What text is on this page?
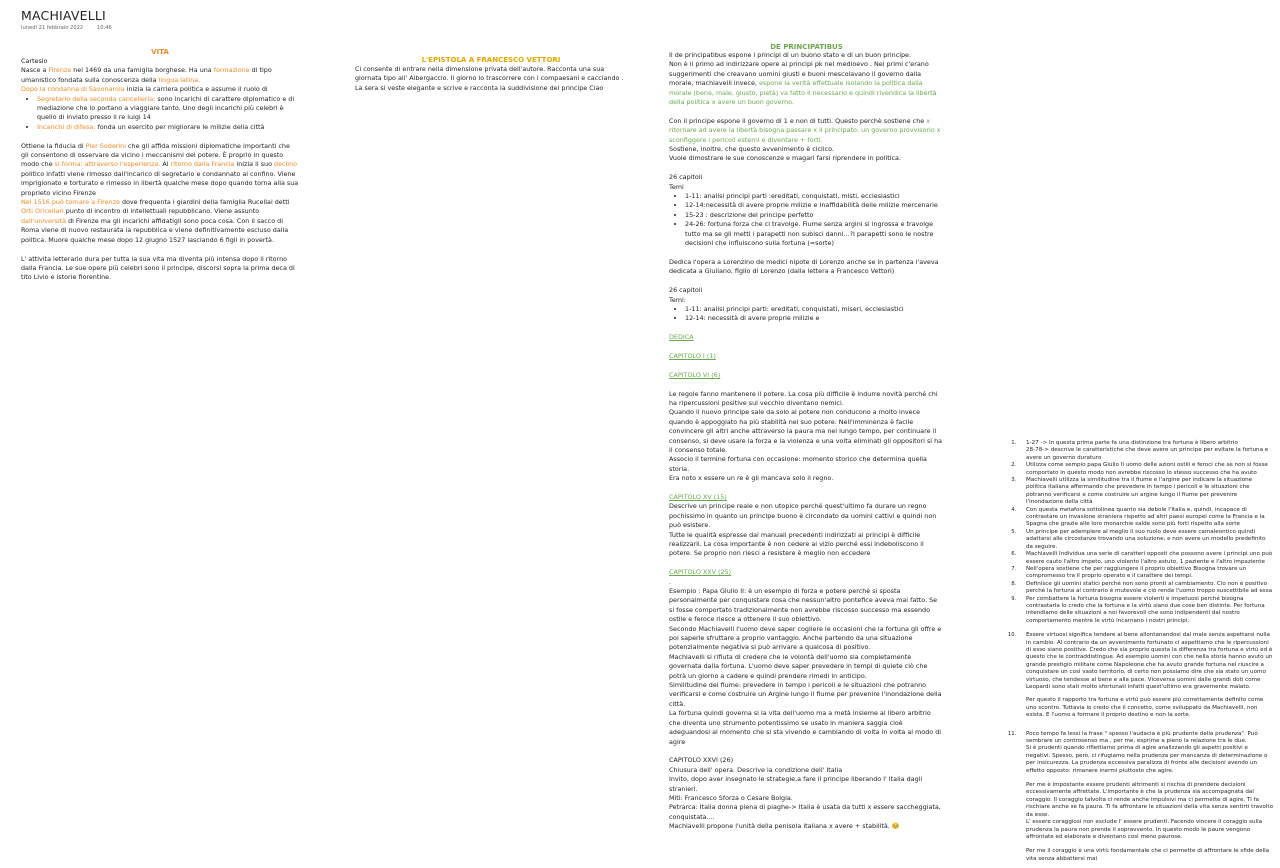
MACHIAVELLI
lunedì 21 febbraio 2022	10:46
VITA

Cartesio

Nasce a Firenze nel 1469 da una famiglia borghese. Ha una formazione di tipo

umanistico fondata sulla conoscenza della lingua latina.

Dopo la condanna di Savonarola inizia la carriera politica e assume il ruolo di

• Segretario della seconda cancelleria: sono incarichi di carattere diplomatico e di mediazione che lo portano a viaggiare tanto. Uno degli incarichi più celebri è quello di inviato presso il re luigi 14
• Incarichi di difesa: fonda un esercito per migliorare le milizie della città

Ottiene la fiducia di Pier Soderini che gli affida missioni diplomatiche importanti che gli consentono di osservare da vicino i meccanismi del potere. È proprio in questo modo che si forma: attraverso l'esperienza. Al ritorno dalla Francia inizia il suo declino politico infatti viene rimosso dall'incarico di segretario e condannato al confino. Viene imprigionato e torturato e rimesso in libertà qualche mese dopo quando torna alla sua proprieto vicino Firenze

Nel 1516 può tornare a Firenze dove frequenta i giardini della famiglia Rucellai detti Orti Oricellari punto di incontro di intellettuali repubblicano. Viene assunto dall'università di Firenze ma gli incarichi affidatigli sono poca cosa. Con il sacco di Roma viene di nuovo restaurata la repubblica e viene definitivamente escluso dalla politica. Muore qualche mese dopo 12 giugno 1527 lasciando 6 figli in povertà.

L' attivita letterario dura per tutta la sua vita ma diventa più intensa dopo il ritorno dalla Francia. Le sue opere più celebri sono il principe, discorsi sopra la prima deca di tito Livio e istorie fiorentine.

L'EPISTOLA A FRANCESCO VETTORI
Ci consente di entrare nella dimensione privata dell'autore. Racconta una sua giornata tipo all' Albergaccio. Il giorno lo trascorrere con i compaesani e cacciando . La sera si veste elegante e scrive e racconta la suddivisione del principe Ciao
DE PRINCIPATIBUS

Il de principatibus espone i principi di un buono stato e di un buon principe.

Non è il primo ad indirizzare opere ai principi pk nel medioevo . Nei primi c'erano suggerimenti che creavano uomini giusti e buoni mescolavano il governo dalla morale, machiavelli invece, espone la verità effettuale isolando la politica dalla morale (bene, male, giusto, pietà) va fatto il necessario e quindi rivendica la libertà della politica x avere un buon governo.

Con il principe espone il governo di 1 e non di tutti. Questo perchè sostiene che x ritornare ad avere la libertà bisogna passare x il principato: un governo provvisorio x sconfiggere i pericoli esterni e diventare + forti.

Sostiene, inoltre, che questo avvenimento è ciclico.

Vuole dimostrare le sue conoscenze e magari farsi riprendere in politica.

26 capitoli

Temi

• 1-11: analisi principi parti :ereditati, conquistati, misti, ecclesiastici
• 12-14:necessità di avere proprie milizie e Inaffidabilità delle milizie mercenarie
• 15-23 : descrizione del principe perfetto
• 24-26: fortuna forza che ci travolge. Fiume senza argini si ingrossa e travolge tutto ma se gli metti i parapetti non subisci danni...?I parapetti sono le nostre decisioni che influiscono sulla fortuna (=sorte)

Dedica l'opera a Lorenzino de medici nipote di Lorenzo anche se in partenza l'aveva dedicata a Giuliano, figlio di Lorenzo (dalla lettera a Francesco Vettori)

26 capitoli

Temi:

• 1-11: analisi principi parti: ereditati, conquistati, miseri, ecclesiastici
• 12-14: necessità di avere proprie milizie e

DEDICA

CAPITOLO I (1)

CAPITOLO VI (6)

Le regole fanno mantenere il potere. La cosa più difficile è indurre novità perché chi ha ripercussioni positive sul vecchio diventano nemici.

Quando il nuovo principe sale da solo al potere non conducono a molto invece quando è appoggiato ha più stabilità nel suo potere. Nell'imminenza è facile convincere gli altri anche attraverso la paura ma nel lungo tempo, per continuare il consenso, si deve usare la forza e la violenza e una volta eliminati gli oppositori si ha il consenso totale.

Associo il termine fortuna con occasione: momento storico che determina quella storia.

Era noto x essere un re è gli mancava solo il regno.

CAPITOLO XV (15)

Descrive un principe reale e non utopico perché quest'ultimo fa durare un regno pochissimo in quanto un principe buono è circondato da uomini cattivi e quindi non può esistere.

Tutte le qualità espresse dai manuali precedenti indirizzati ai principi è difficile realizzarli. La cosa importante è non cedere al vizio perché essi indeboliscono il potere. Se proprio non riesci a resistere è meglio non eccedere

CAPITOLO XXV (25)

.

Esempio : Papa Giulio II: è un esempio di forza e potere perchè si sposta personalmente per conquistare cosa che nessun'altro pontefice aveva mai fatto. Se si fosse comportato tradizionalmente non avrebbe riscosso successo ma essendo ostile e feroce riesce a ottenere il suo obiettivo.

Secondo Machiavelli l'uomo deve saper cogliere le occasioni che la fortuna gli offre e poi saperle sfruttare a proprio vantaggio. Anche partendo da una situazione potenzialmente negativa si può arrivare a qualcosa di positivo.

Machiavelli si rifiuta di credere che le volontà dell'uomo sia completamente governata dalla fortuna. L'uomo deve saper prevedere in tempi di quiete ciò che potrà un giorno a cadere e quindi prendere rimedi in anticipo.

Similitudine del fiume: prevedere in tempo i pericoli e le situazioni che potranno verificarsi e come costruire un Argine lungo il fiume per prevenire l'inondazione della città.

La fortuna quindi governa si la vita dell'uomo ma a metà insieme al libero arbitrio che diventa uno strumento potentissimo se usato in maniera saggia cioè adeguandosi al momento che si sta vivendo e cambiando di volta in volta al modo di agire

CAPITOLO XXVI (26)

Chiusura dell' opera. Descrive la condizione dell' Italia

Invito, dopo aver insegnato le strategie,a fare il principe liberando l' Italia dagli stranieri.

Miti: Francesco Sforza o Cesare Bolgia.

Petrarca: Italia donna piena di piaghe-> Italia è usata da tutti x essere saccheggiata, conquistata....

Machiavelli propone l'unità della penisola italiana x avere + stabilità. 🥺

1. 1-27 -> In questa prima parte fa una distinzione tra fortuna è libero arbitrio
28-78-> descrive le caratteristiche che deve avere un principe per evitare la fortuna e avere un governo duraturo
2. Utilizza come sempio papa Giulio II uomo delle azioni ostili e feroci che se non si fosse comportato in questo modo non avrebbe riscosso lo stesso successo che ha avuto
3. Machiavelli utilizza la similitudine tra il fiume e l'argine per indicare la situazione politica italiana affermando che prevedere in tempo i pericoli e le situazioni che potranno verificarsi e come costruire un argine lungo il fiume per prevenire l'inondazione della città
4. Con questa metafora sottolinea quanto sia debole l'Italia e, quindi, incapace di contrastare un invasione straniera rispetto ad altri paesi europei come la Francia e la Spagna che grazie alle loro monarchie salde sono più forti rispetto alla sorte
5. Un principe per adempiere al meglio il suo ruolo deve essere camaleontico quindi adattarsi alle circostanze trovando una soluzione, e non avere un modello predefinito da seguire.
6. Machiavelli Individua una serie di caratteri opposti che possono avere i principi uno può essere cauto l'altro impeto, uno violento l'altro astuto, 1 paziente e l'altro impaziente
7. Nell'opera sostiene che per raggiungere il proprio obiettivo Bisogna trovare un compromesso tra il proprio operato e il carattere dei tempi.
8. Definisce gli uomini statici perché non sono pronti al cambiamento. Cio non è positivo perché la fortuna al contrario è mutevole e ciò rende l'uomo troppo suscettibile ad essa
9. Per combattere la fortuna bisogna essere violenti e impetuosi perché bisogna contrastarla lo credo che la fortuna e la virtù siano due cose ben distinte. Per fortuna intendiamo delle situazioni a noi favorevoli che sono indipendenti dal nostro comportamento mentre le virtù incarnano i nostri principi.
10. Essere virtuosi significa tendere al bene allontanandosi dal male senza aspettarsi nulla in cambio. Al contrario da un avvenimento fortunato ci aspettiamo che le ripercussioni di esso siano positive. Credo che sia proprio questa la differenza tra fortuna e virtù ed è questo che le contraddistingue. Ad esempio uomini con che nella storia hanno avuto un grande prestigio militare come Napoleone che ha avuto grande fortuna nel riuscire a conquistare un così vasto territorio, di certo non possiamo dire che sia stato un uomo virtuoso, che tendesse al bene e alla pace. Viceversa uomini dalle grandi doti come Leopardi sono stati molto sfortunati infatti quest'ultimo era gravemente malato.
Per questo il rapporto tra fortuna e virtù può essere più correttamente definito come uno scontro. Tuttavia io credo che il concetto, come sviluppato da Machiavelli, non esista. E l'uomo a formare il proprio destino e non la sorte.
11. Poco tempo fa lessi la frase " spesso l'audacia è più prudente della prudenza". Può sembrare un controsenso ma , per me, esprime a pieno la relazione tra le due.
Si è prudenti quando riflettiamo prima di agire analizzando gli aspetti positivi e negativi. Spesso, però, ci rifugiamo nella prudenza per mancanza di determinazione o per insicurezza. La prudenza eccessiva paralizza di fronte alle decisioni avendo un effetto opposto: rimanere inermi piuttosto che agire.
Per me è impostante essere prudenti altrimenti si rischia di prendere decisioni eccessivamente affrettate. L'importante è che la prudenza sia accompagnata dal coraggio. Il coraggio talvolta ci rende anche impulsivi ma ci permette di agire. Ti fa rischiare anche se fa paura. Ti fa affrontare le situazioni della vita senza sentirti travolto da esse.
L' essere coraggiosi non esclude l' essere prudenti. Facendo vincere il coraggio sulla prudenza la paura non prende il sopravvento. In questo modo le paure vengono affrontate ed elaborate e diventano così meno paurose.
Per me il coraggio è una virtù fondamentale che ci permette di affrontare le sfide della vita senza abbattersi mai
